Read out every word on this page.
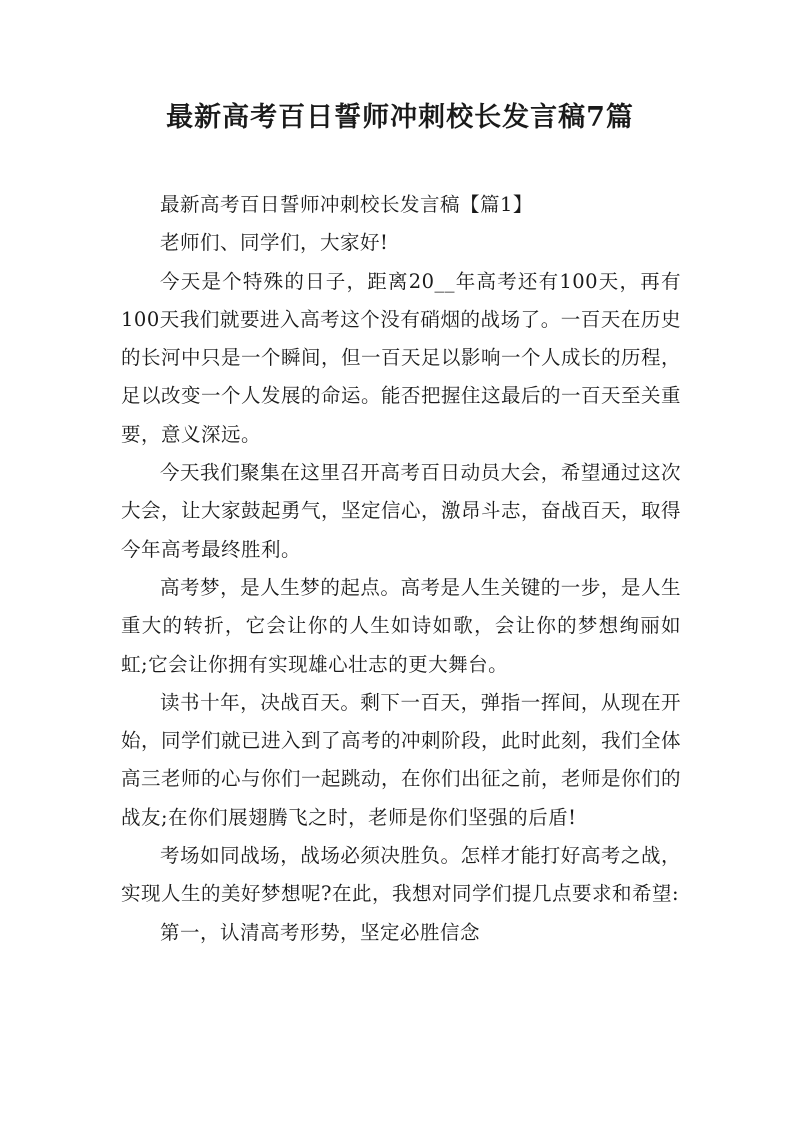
最新高考百日誓师冲刺校长发言稿7篇

最新高考百日誓师冲刺校长发言稿【篇1】

老师们、同学们，大家好!

今天是个特殊的日子，距离20__年高考还有100天，再有100天我们就要进入高考这个没有硝烟的战场了。一百天在历史的长河中只是一个瞬间，但一百天足以影响一个人成长的历程，足以改变一个人发展的命运。能否把握住这最后的一百天至关重要，意义深远。

今天我们聚集在这里召开高考百日动员大会，希望通过这次大会，让大家鼓起勇气，坚定信心，激昂斗志，奋战百天，取得今年高考最终胜利。

高考梦，是人生梦的起点。高考是人生关键的一步，是人生重大的转折，它会让你的人生如诗如歌，会让你的梦想绚丽如虹;它会让你拥有实现雄心壮志的更大舞台。

读书十年，决战百天。剩下一百天，弹指一挥间，从现在开始，同学们就已进入到了高考的冲刺阶段，此时此刻，我们全体高三老师的心与你们一起跳动，在你们出征之前，老师是你们的战友;在你们展翅腾飞之时，老师是你们坚强的后盾!

考场如同战场，战场必须决胜负。怎样才能打好高考之战，实现人生的美好梦想呢?在此，我想对同学们提几点要求和希望:

第一，认清高考形势，坚定必胜信念
